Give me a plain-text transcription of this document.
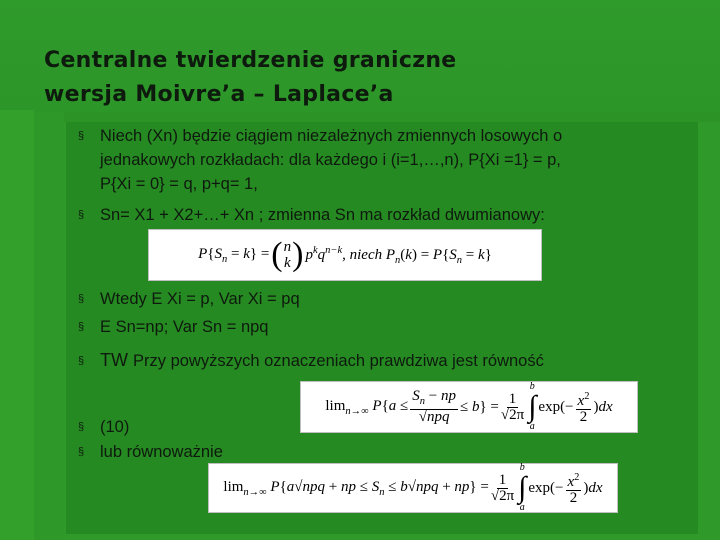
Centralne twierdzenie graniczne
wersja Moivre’a – Laplace’a
§ Niech (Xn) będzie ciągiem niezależnych zmiennych losowych o
jednakowych rozkładach: dla każdego i (i=1,…,n), P{Xi =1} = p,
P{Xi = 0} = q, p+q= 1,
§ Sn= X1 + X2+…+ Xn ; zmienna Sn ma rozkład dwumianowy:
$P\{S_n = k\}$ = ( n
k ) $p^kq^{n-k}$, niech $P_n(k) = P\{S_n = k\}$
§ Wtedy E Xi = p, Var Xi = pq
§ E Sn=np; Var Sn = npq
§ TW Przy powyższych oznaczeniach prawdziwa jest równość
$\lim_{n\to\infty} P\{a \le \frac{S_n - np}{\text{√npq}} \le b\} = \frac{1}{√2\pi}$
b
∫
a
$\exp(- \frac{x^2}{2} )dx$
§ (10)
§ lub równoważnie
$\lim_{n\to\infty} P\{a√npq$ + np ≤ $S_n \le b√npq + np\} = \frac{1}{√2\pi}$
b
∫
a
$\exp(- \frac{x^2}{2} )dx$
